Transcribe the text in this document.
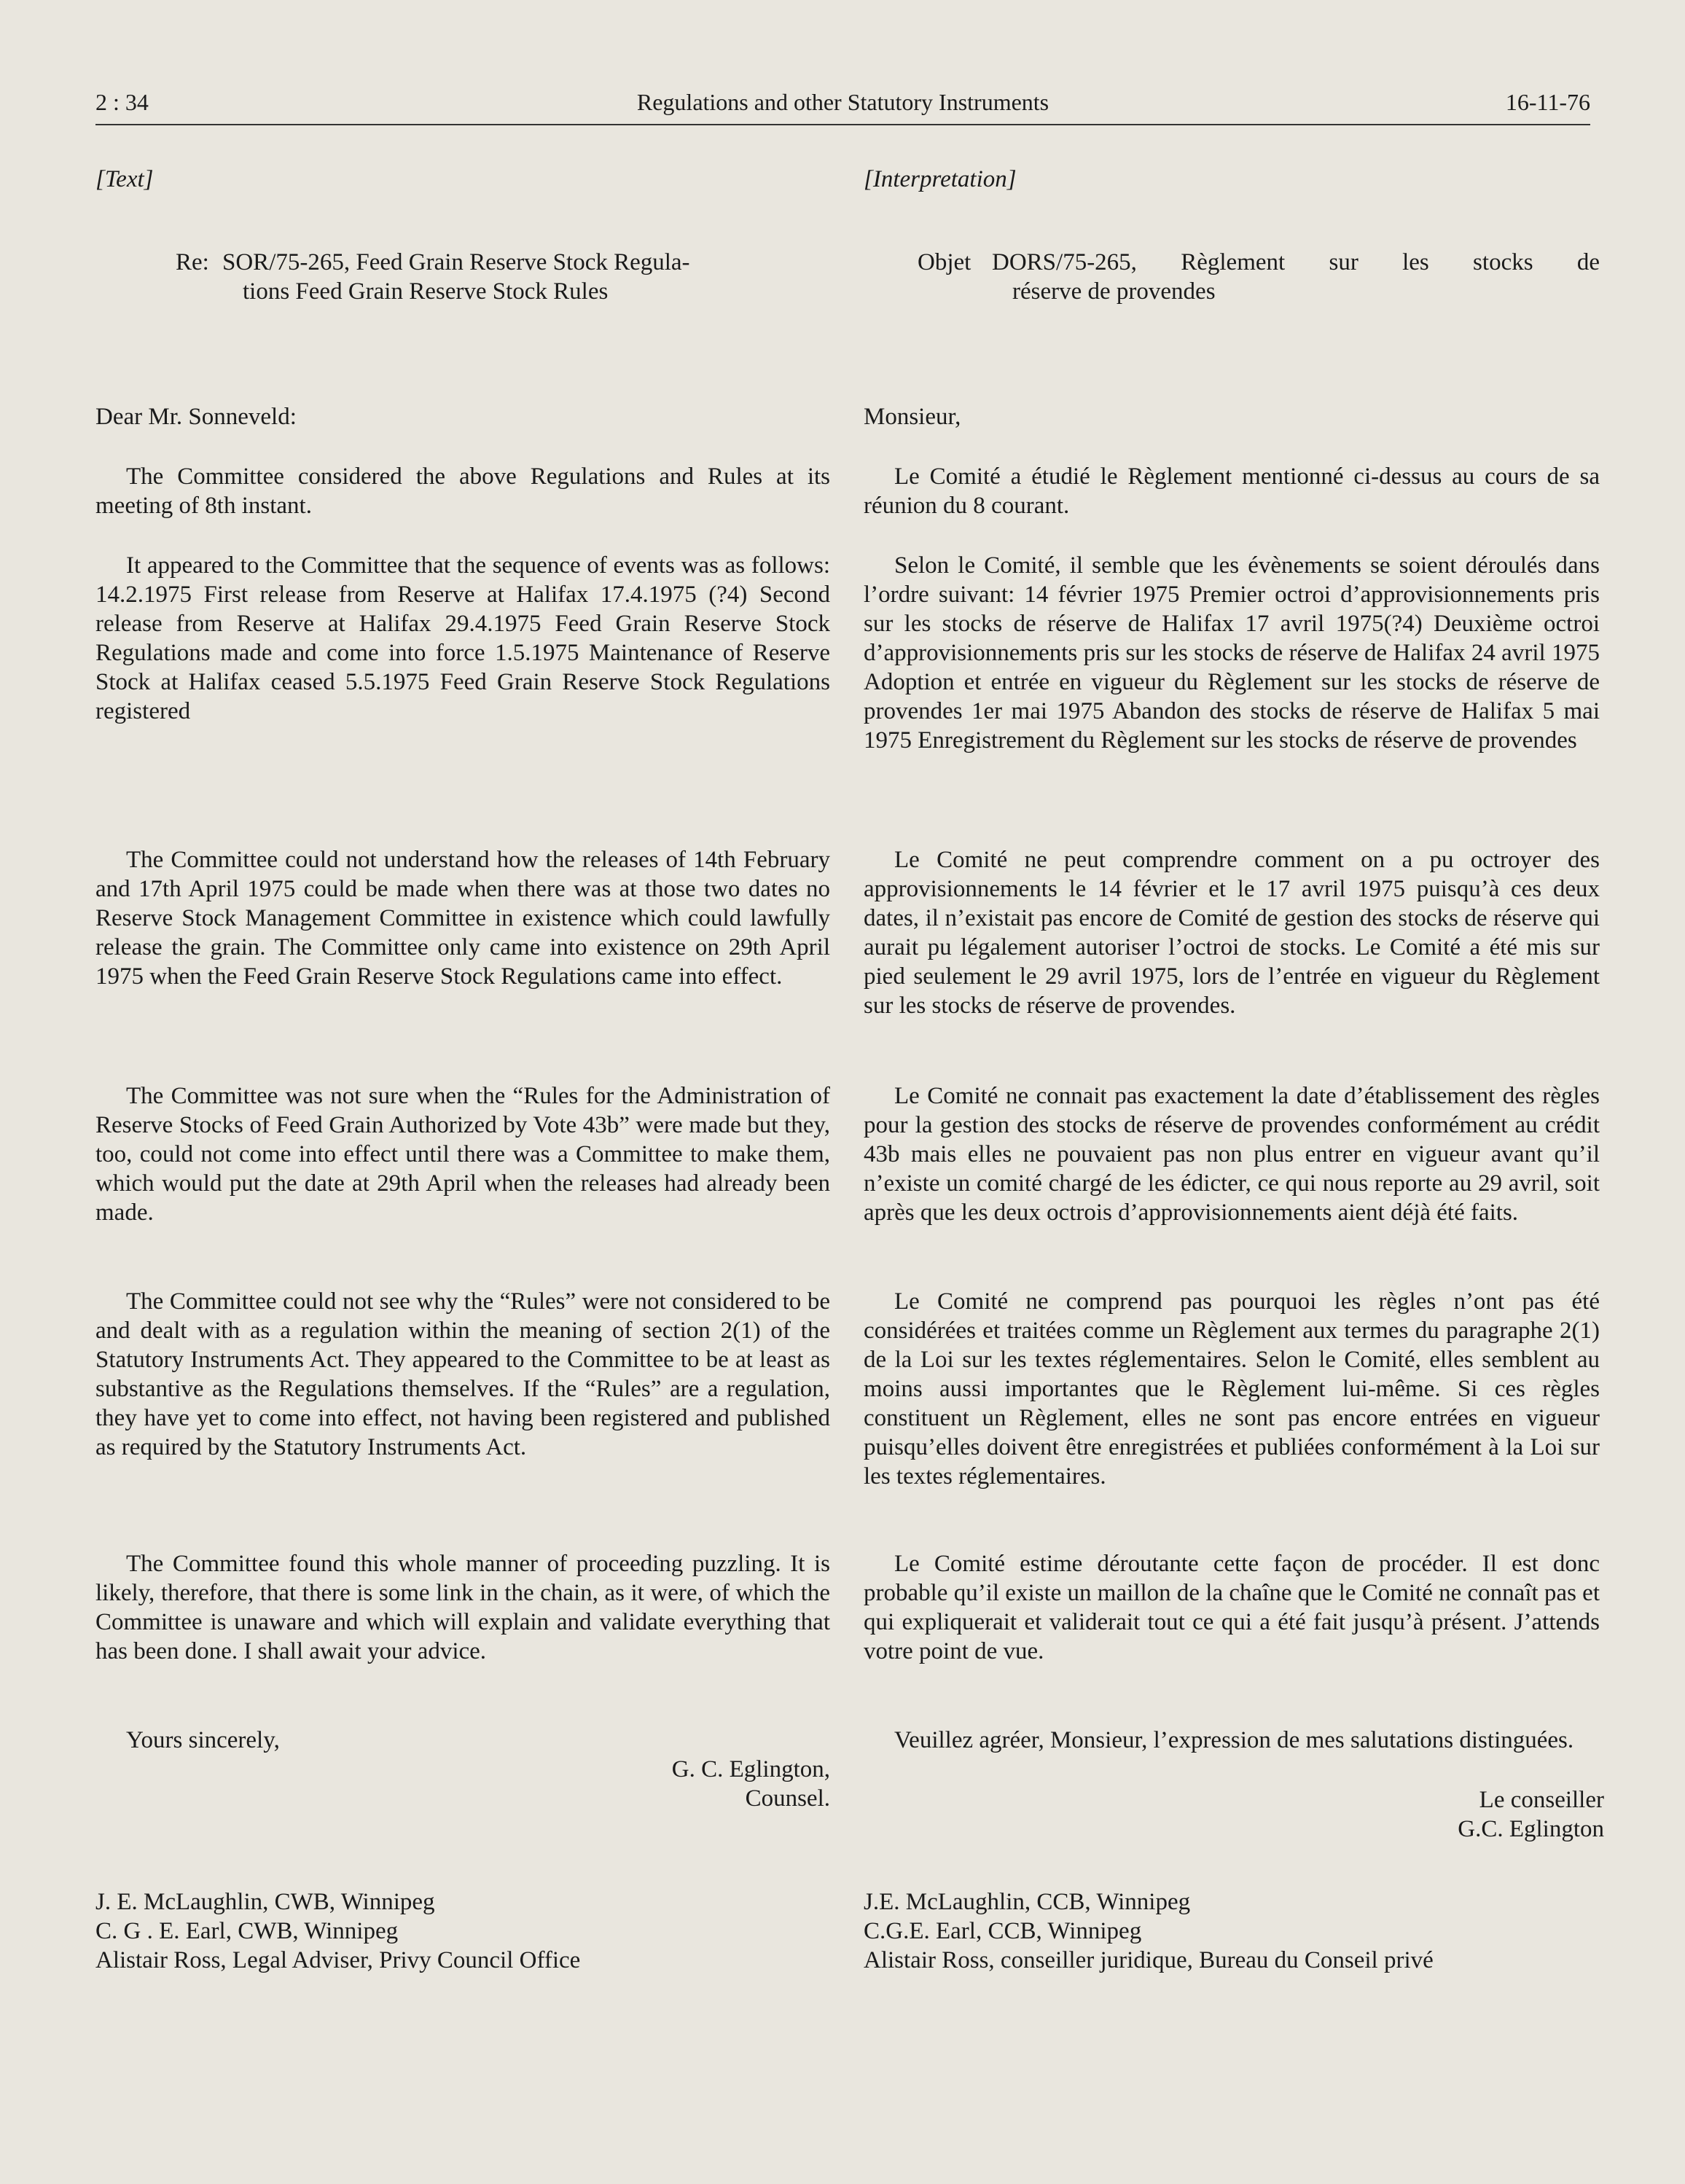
Regulations and other Statutory Instruments
2 : 34	16-11-76
[Text]
Re: SOR/75-265, Feed Grain Reserve Stock Regula-
tions Feed Grain Reserve Stock Rules
Dear Mr. Sonneveld:

The Committee considered the above Regulations and Rules at its meeting of 8th instant.

It appeared to the Committee that the sequence of events was as follows: 14.2.1975 First release from Reserve at Halifax 17.4.1975 (?4) Second release from Reserve at Halifax 29.4.1975 Feed Grain Reserve Stock Regulations made and come into force 1.5.1975 Maintenance of Reserve Stock at Halifax ceased 5.5.1975 Feed Grain Reserve Stock Regulations registered

The Committee could not understand how the releases of 14th February and 17th April 1975 could be made when there was at those two dates no Reserve Stock Management Committee in existence which could lawfully release the grain. The Committee only came into existence on 29th April 1975 when the Feed Grain Reserve Stock Regulations came into effect.

The Committee was not sure when the “Rules for the Administration of Reserve Stocks of Feed Grain Authorized by Vote 43b” were made but they, too, could not come into effect until there was a Committee to make them, which would put the date at 29th April when the releases had already been made.

The Committee could not see why the “Rules” were not considered to be and dealt with as a regulation within the meaning of section 2(1) of the Statutory Instruments Act. They appeared to the Committee to be at least as substantive as the Regulations themselves. If the “Rules” are a regulation, they have yet to come into effect, not having been registered and published as required by the Statutory Instruments Act.

The Committee found this whole manner of proceeding puzzling. It is likely, therefore, that there is some link in the chain, as it were, of which the Committee is unaware and which will explain and validate everything that has been done. I shall await your advice.

Yours sincerely,
G. C. Eglington,
Counsel.
J. E. McLaughlin, CWB, Winnipeg
C. G . E. Earl, CWB, Winnipeg
Alistair Ross, Legal Adviser, Privy Council Office
[Interpretation]
Objet DORS/75-265, Règlement sur les stocks de
réserve de provendes
Monsieur,

Le Comité a étudié le Règlement mentionné ci-dessus au cours de sa réunion du 8 courant.

Selon le Comité, il semble que les évènements se soient déroulés dans l’ordre suivant: 14 février 1975 Premier octroi d’approvisionnements pris sur les stocks de réserve de Halifax 17 avril 1975(?4) Deuxième octroi d’approvisionnements pris sur les stocks de réserve de Halifax 24 avril 1975 Adoption et entrée en vigueur du Règlement sur les stocks de réserve de provendes 1er mai 1975 Abandon des stocks de réserve de Halifax 5 mai 1975 Enregistrement du Règlement sur les stocks de réserve de provendes

Le Comité ne peut comprendre comment on a pu octroyer des approvisionnements le 14 février et le 17 avril 1975 puisqu’à ces deux dates, il n’existait pas encore de Comité de gestion des stocks de réserve qui aurait pu légalement autoriser l’octroi de stocks. Le Comité a été mis sur pied seulement le 29 avril 1975, lors de l’entrée en vigueur du Règlement sur les stocks de réserve de provendes.

Le Comité ne connait pas exactement la date d’établissement des règles pour la gestion des stocks de réserve de provendes conformément au crédit 43b mais elles ne pouvaient pas non plus entrer en vigueur avant qu’il n’existe un comité chargé de les édicter, ce qui nous reporte au 29 avril, soit après que les deux octrois d’approvisionnements aient déjà été faits.

Le Comité ne comprend pas pourquoi les règles n’ont pas été considérées et traitées comme un Règlement aux termes du paragraphe 2(1) de la Loi sur les textes réglementaires. Selon le Comité, elles semblent au moins aussi importantes que le Règlement lui-même. Si ces règles constituent un Règlement, elles ne sont pas encore entrées en vigueur puisqu’elles doivent être enregistrées et publiées conformément à la Loi sur les textes réglementaires.

Le Comité estime déroutante cette façon de procéder. Il est donc probable qu’il existe un maillon de la chaîne que le Comité ne connaît pas et qui expliquerait et validerait tout ce qui a été fait jusqu’à présent. J’attends votre point de vue.

Veuillez agréer, Monsieur, l’expression de mes salutations distinguées.

Le conseiller
G.C. Eglington
J.E. McLaughlin, CCB, Winnipeg
C.G.E. Earl, CCB, Winnipeg
Alistair Ross, conseiller juridique, Bureau du Conseil privé
